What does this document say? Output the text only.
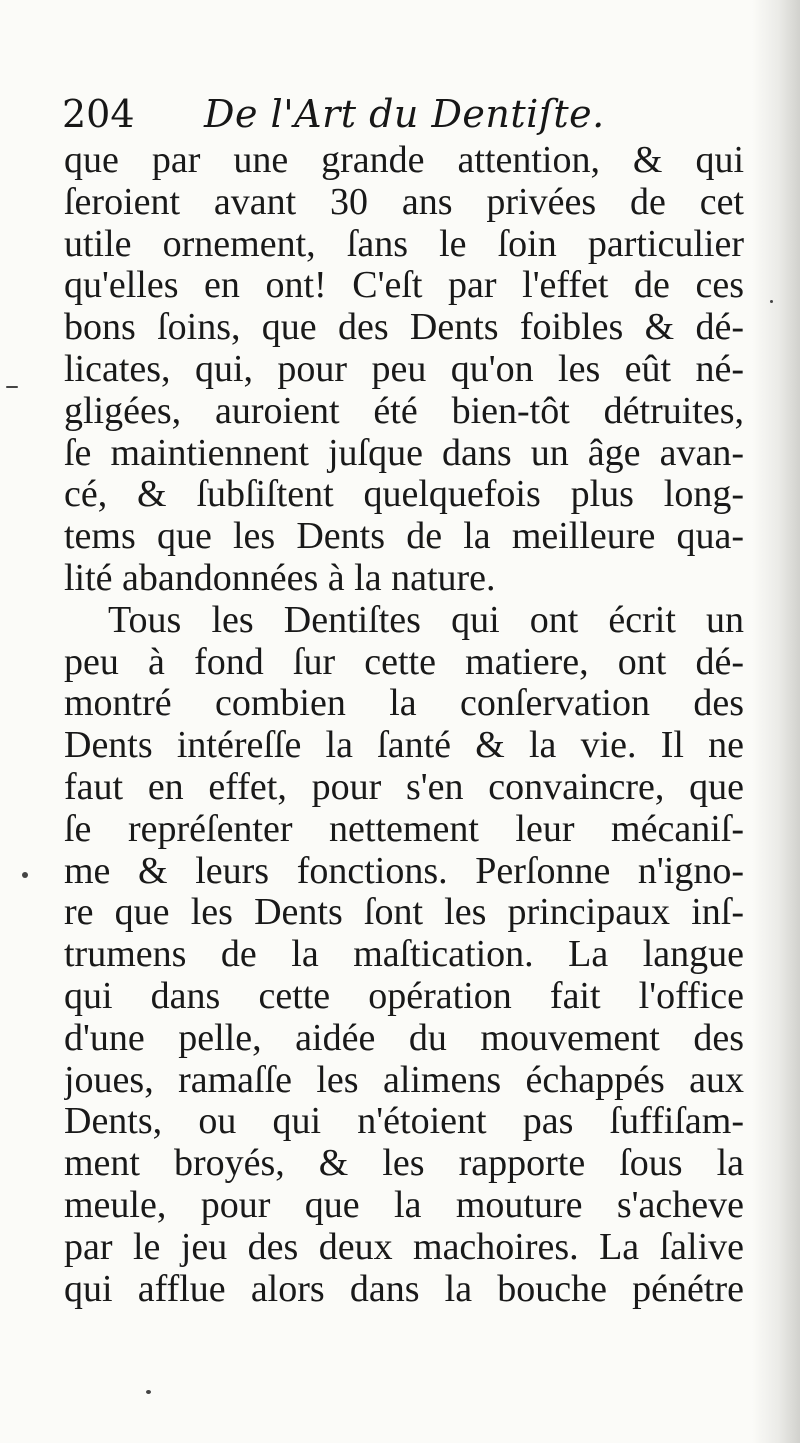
204 De l'Art du Dentiſte.
que par une grande attention, & qui
ſeroient avant 30 ans privées de cet
utile ornement, ſans le ſoin particulier
qu'elles en ont! C'eſt par l'effet de ces
bons ſoins, que des Dents foibles & dé-
licates, qui, pour peu qu'on les eût né-
gligées, auroient été bien-tôt détruites,
ſe maintiennent juſque dans un âge avan-
cé, & ſubſiſtent quelquefois plus long-
tems que les Dents de la meilleure qua-
lité abandonnées à la nature.
Tous les Dentiſtes qui ont écrit un
peu à fond ſur cette matiere, ont dé-
montré combien la conſervation des
Dents intéreſſe la ſanté & la vie. Il ne
faut en effet, pour s'en convaincre, que
ſe repréſenter nettement leur mécaniſ-
me & leurs fonctions. Perſonne n'igno-
re que les Dents ſont les principaux inſ-
trumens de la maſtication. La langue
qui dans cette opération fait l'office
d'une pelle, aidée du mouvement des
joues, ramaſſe les alimens échappés aux
Dents, ou qui n'étoient pas ſuffiſam-
ment broyés, & les rapporte ſous la
meule, pour que la mouture s'acheve
par le jeu des deux machoires. La ſalive
qui afflue alors dans la bouche pénétre
